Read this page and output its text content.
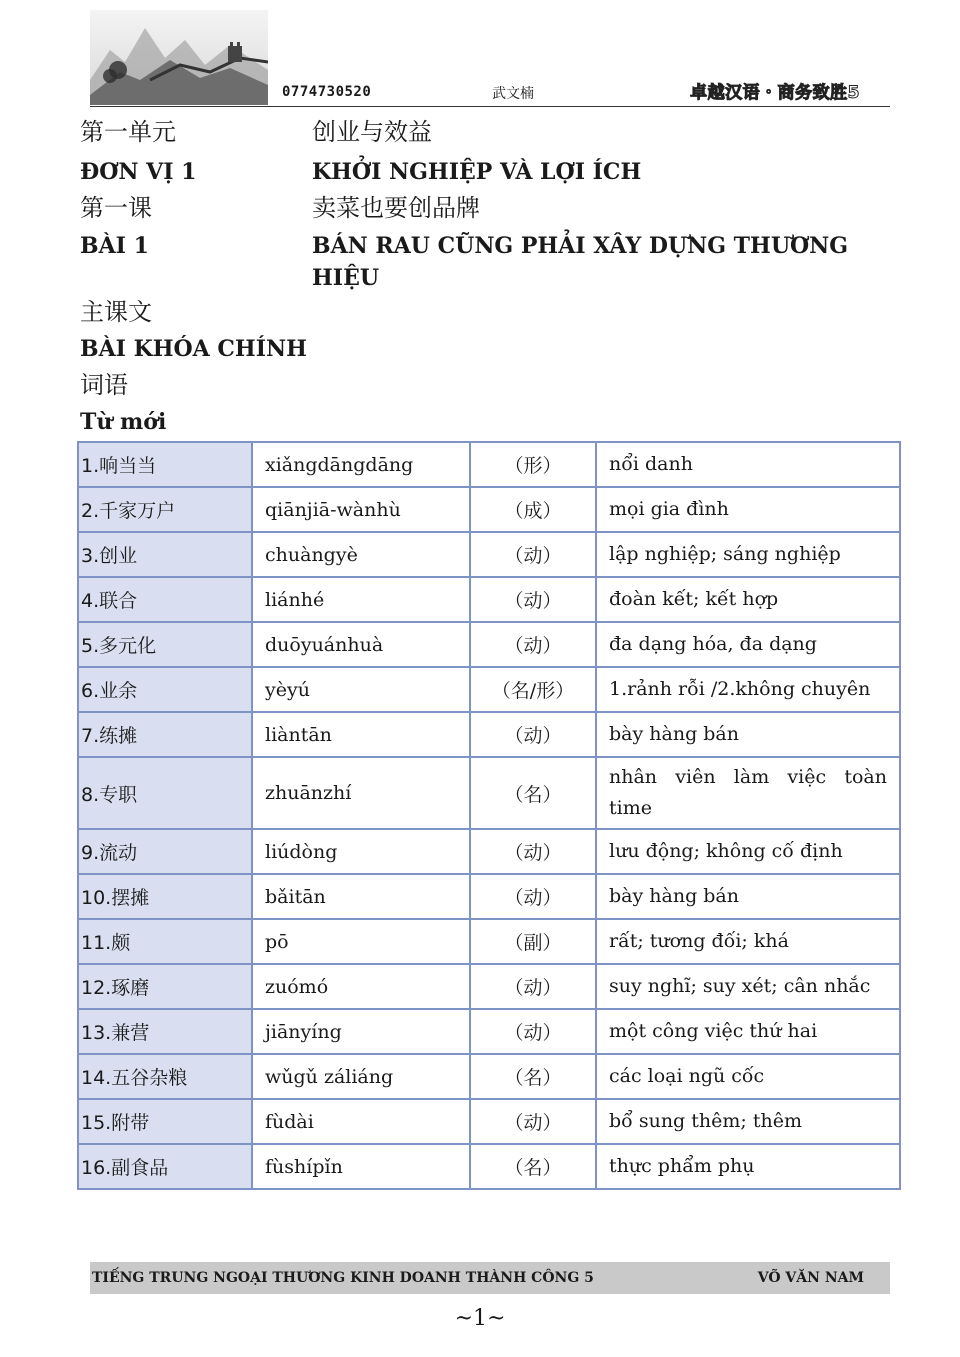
0774730520	武文楠	卓越汉语・商务致胜5
第一单元	创业与效益
ĐƠN VỊ 1	KHỞI NGHIỆP VÀ LỢI ÍCH
第一课	卖菜也要创品牌
BÀI 1	BÁN RAU CŨNG PHẢI XÂY DỰNG THƯƠNG HIỆU
主课文
BÀI KHÓA CHÍNH
词语
Từ mới
1.响当当	xiǎngdāngdāng	（形）	nổi danh
2.千家万户	qiānjiā-wànhù	（成）	mọi gia đình
3.创业	chuàngyè	（动）	lập nghiệp; sáng nghiệp
4.联合	liánhé	（动）	đoàn kết; kết hợp
5.多元化	duōyuánhuà	（动）	đa dạng hóa, đa dạng
6.业余	yèyú	（名/形）	1.rảnh rỗi /2.không chuyên
7.练摊	liàntān	（动）	bày hàng bán
8.专职	zhuānzhí	（名）	nhân viên làm việc toàn time
9.流动	liúdòng	（动）	lưu động; không cố định
10.摆摊	bǎitān	（动）	bày hàng bán
11.颇	pō	（副）	rất; tương đối; khá
12.琢磨	zuómó	（动）	suy nghĩ; suy xét; cân nhắc
13.兼营	jiānyíng	（动）	một công việc thứ hai
14.五谷杂粮	wǔgǔ záliáng	（名）	các loại ngũ cốc
15.附带	fùdài	（动）	bổ sung thêm; thêm
16.副食品	fùshípǐn	（名）	thực phẩm phụ
TIẾNG TRUNG NGOẠI THƯƠNG KINH DOANH THÀNH CÔNG 5	VÕ VĂN NAM
~1~
